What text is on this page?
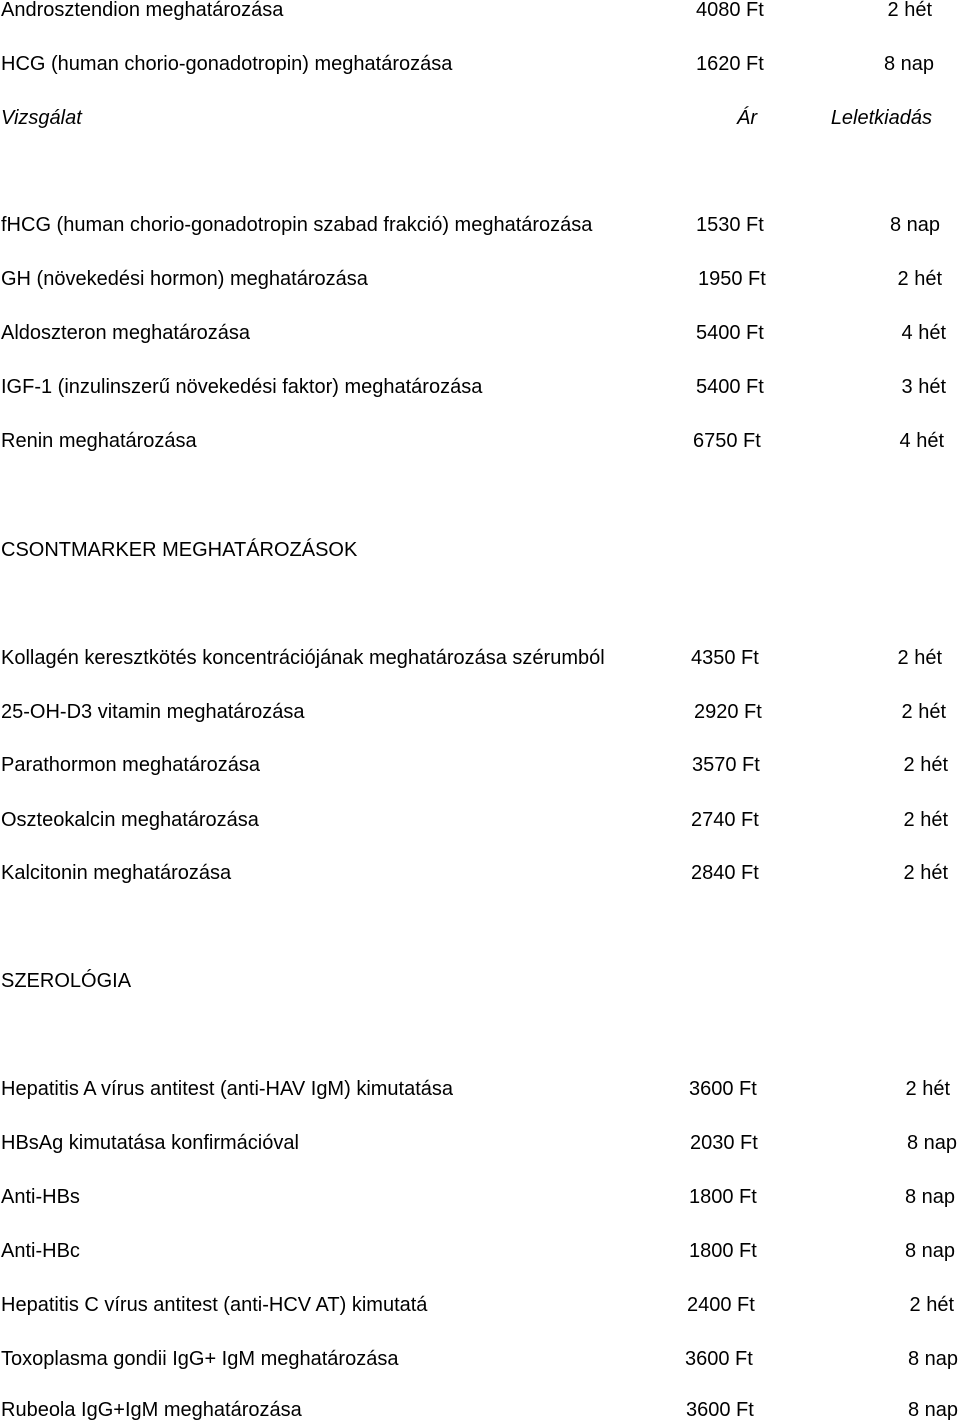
Androsztendion meghatározása	4080 Ft	2 hét
HCG (human chorio-gonadotropin) meghatározása	1620 Ft	8 nap
Vizsgálat	Ár	Leletkiadás
fHCG (human chorio-gonadotropin szabad frakció) meghatározása	1530 Ft	8 nap
GH (növekedési hormon) meghatározása	1950 Ft	2 hét
Aldoszteron meghatározása	5400 Ft	4 hét
IGF-1 (inzulinszerű növekedési faktor) meghatározása	5400 Ft	3 hét
Renin meghatározása	6750 Ft	4 hét
CSONTMARKER MEGHATÁROZÁSOK
Kollagén keresztkötés koncentrációjának meghatározása szérumból	4350 Ft	2 hét
25-OH-D3 vitamin meghatározása	2920 Ft	2 hét
Parathormon meghatározása	3570 Ft	2 hét
Oszteokalcin meghatározása	2740 Ft	2 hét
Kalcitonin meghatározása	2840 Ft	2 hét
SZEROLÓGIA
Hepatitis A vírus antitest (anti-HAV IgM) kimutatása	3600 Ft	2 hét
HBsAg kimutatása konfirmációval	2030 Ft	8 nap
Anti-HBs	1800 Ft	8 nap
Anti-HBc	1800 Ft	8 nap
Hepatitis C vírus antitest (anti-HCV AT) kimutatá	2400 Ft	2 hét
Toxoplasma gondii IgG+ IgM meghatározása	3600 Ft	8 nap
Rubeola IgG+IgM meghatározása	3600 Ft	8 nap
